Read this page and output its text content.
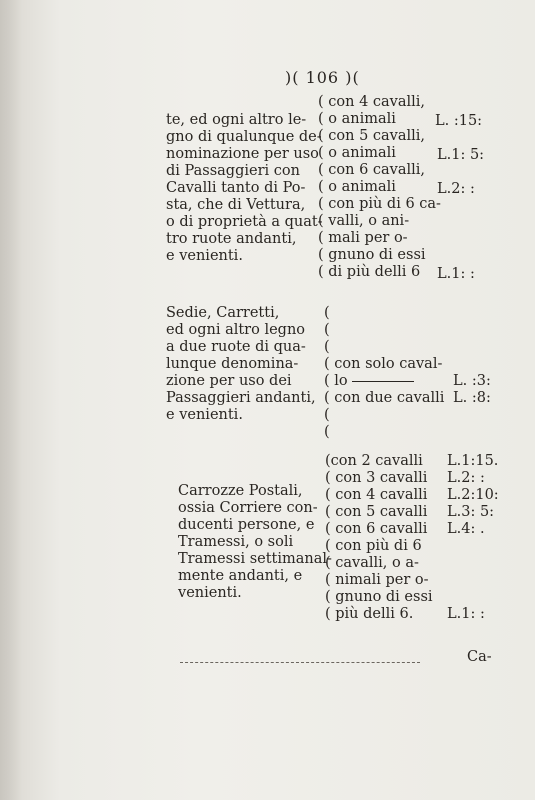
)( 106 )(
te, ed ogni altro le-
gno di qualunque de-
nominazione per uso
di Passaggieri con
Cavalli tanto di Po-
sta, che di Vettura,
o di proprietà a quat-
tro ruote andanti,
e venienti.
( con 4 cavalli,
( o animali
( con 5 cavalli,
( o animali
( con 6 cavalli,
( o animali
( con più di 6 ca-
( valli, o ani-
( mali per o-
( gnuno di essi
( di più delli 6
L. :15:
L.1: 5:
L.2: :
L.1: :
Sedie, Carretti,
ed ogni altro legno
a due ruote di qua-
lunque denomina-
zione per uso dei
Passaggieri andanti,
e venienti.
(
(
(
( con solo caval-
( lo
( con due cavalli
(
(
L. :3:
L. :8:
Carrozze Postali,
ossia Corriere con-
ducenti persone, e
Tramessi, o soli
Tramessi settimanal-
mente andanti, e
venienti.
(con 2 cavalli
( con 3 cavalli
( con 4 cavalli
( con 5 cavalli
( con 6 cavalli
( con più di 6
( cavalli, o a-
( nimali per o-
( gnuno di essi
( più delli 6.
L.1:15.
L.2: :
L.2:10:
L.3: 5:
L.4: .
L.1: :
Ca-
